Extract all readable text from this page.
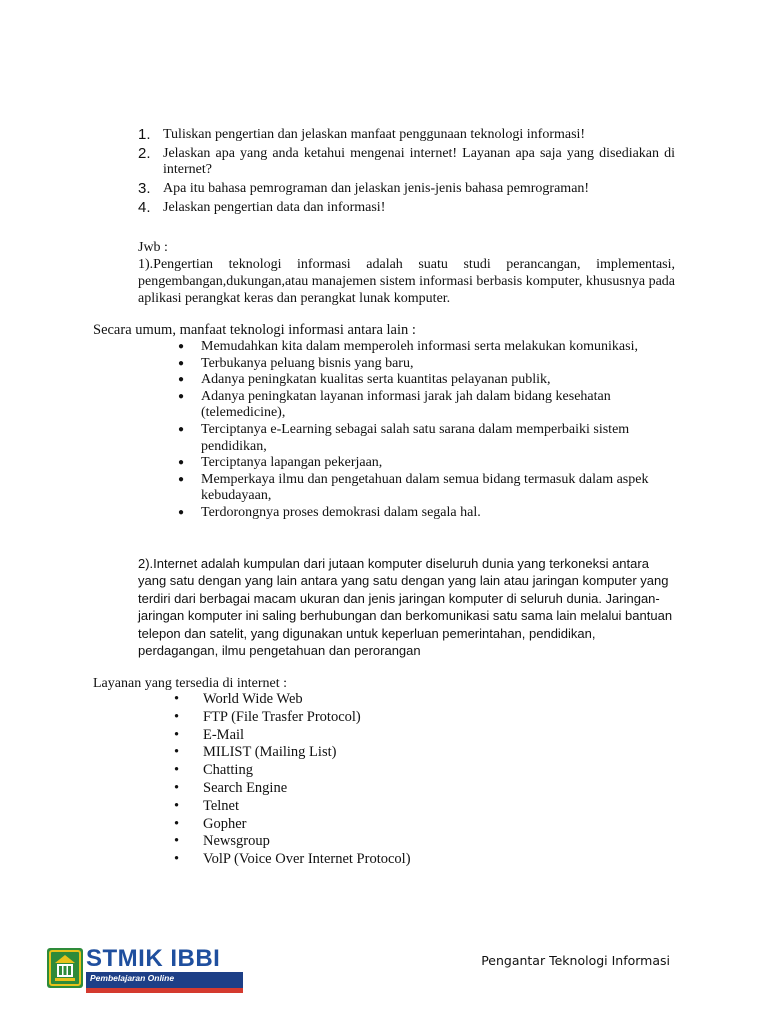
1. Tuliskan pengertian dan jelaskan manfaat penggunaan teknologi informasi!
2. Jelaskan apa yang anda ketahui mengenai internet! Layanan apa saja yang disediakan di internet?
3. Apa itu bahasa pemrograman dan jelaskan jenis-jenis bahasa pemrograman!
4. Jelaskan pengertian data dan informasi!
Jwb :

1).Pengertian teknologi informasi adalah suatu studi perancangan, implementasi, pengembangan,dukungan,atau manajemen sistem informasi berbasis komputer, khususnya pada aplikasi perangkat keras dan perangkat lunak komputer.

Secara umum, manfaat teknologi informasi antara lain :

●	Memudahkan kita dalam memperoleh informasi serta melakukan komunikasi,
●	Terbukanya peluang bisnis yang baru,
●	Adanya peningkatan kualitas serta kuantitas pelayanan publik,
●	Adanya peningkatan layanan informasi jarak jah dalam bidang kesehatan (telemedicine),
●	Terciptanya e-Learning sebagai salah satu sarana dalam memperbaiki sistem pendidikan,
●	Terciptanya lapangan pekerjaan,
●	Memperkaya ilmu dan pengetahuan dalam semua bidang termasuk dalam aspek kebudayaan,
●	Terdorongnya proses demokrasi dalam segala hal.

2).Internet adalah kumpulan dari jutaan komputer diseluruh dunia yang terkoneksi antara yang satu dengan yang lain antara yang satu dengan yang lain atau jaringan komputer yang terdiri dari berbagai macam ukuran dan jenis jaringan komputer di seluruh dunia. Jaringan-jaringan komputer ini saling berhubungan dan berkomunikasi satu sama lain melalui bantuan telepon dan satelit, yang digunakan untuk keperluan pemerintahan, pendidikan, perdagangan, ilmu pengetahuan dan perorangan

Layanan yang tersedia di internet :

•	World Wide Web
•	FTP (File Trasfer Protocol)
•	E-Mail
•	MILIST (Mailing List)
•	Chatting
•	Search Engine
•	Telnet
•	Gopher
•	Newsgroup
•	VolP (Voice Over Internet Protocol)
STMIK IBBI
Pembelajaran Online
Pengantar Teknologi Informasi
